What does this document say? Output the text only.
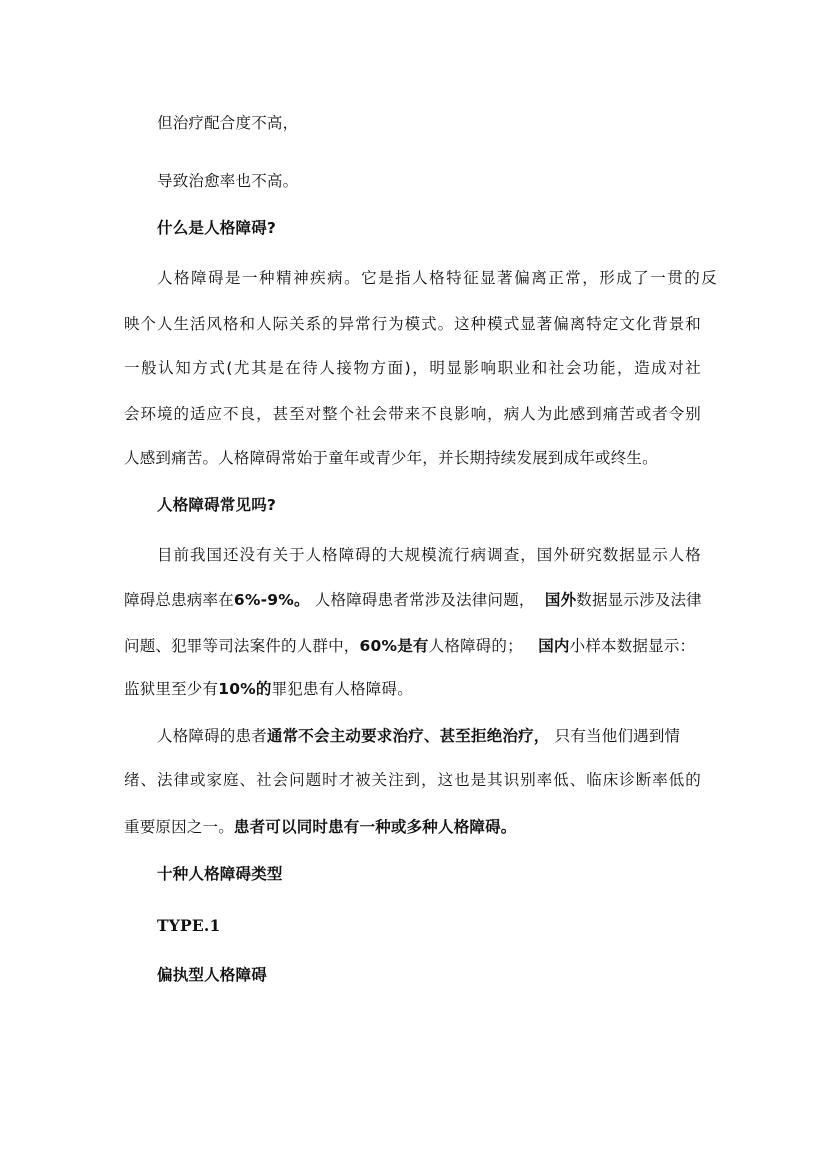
但治疗配合度不高，
导致治愈率也不高。
什么是人格障碍?
人格障碍是一种精神疾病。它是指人格特征显著偏离正常，形成了一贯的反
映个人生活风格和人际关系的异常行为模式。这种模式显著偏离特定文化背景和
一般认知方式(尤其是在待人接物方面)，明显影响职业和社会功能，造成对社
会环境的适应不良，甚至对整个社会带来不良影响，病人为此感到痛苦或者令别
人感到痛苦。人格障碍常始于童年或青少年，并长期持续发展到成年或终生。
人格障碍常见吗?
目前我国还没有关于人格障碍的大规模流行病调查，国外研究数据显示人格
障碍总患病率在6%-9%。 人格障碍患者常涉及法律问题， 国外数据显示涉及法律
问题、犯罪等司法案件的人群中，60%是有人格障碍的； 国内小样本数据显示：
监狱里至少有10%的罪犯患有人格障碍。
人格障碍的患者通常不会主动要求治疗、甚至拒绝治疗， 只有当他们遇到情
绪、法律或家庭、社会问题时才被关注到，这也是其识别率低、临床诊断率低的
重要原因之一。患者可以同时患有一种或多种人格障碍。
十种人格障碍类型
TYPE.1
偏执型人格障碍
